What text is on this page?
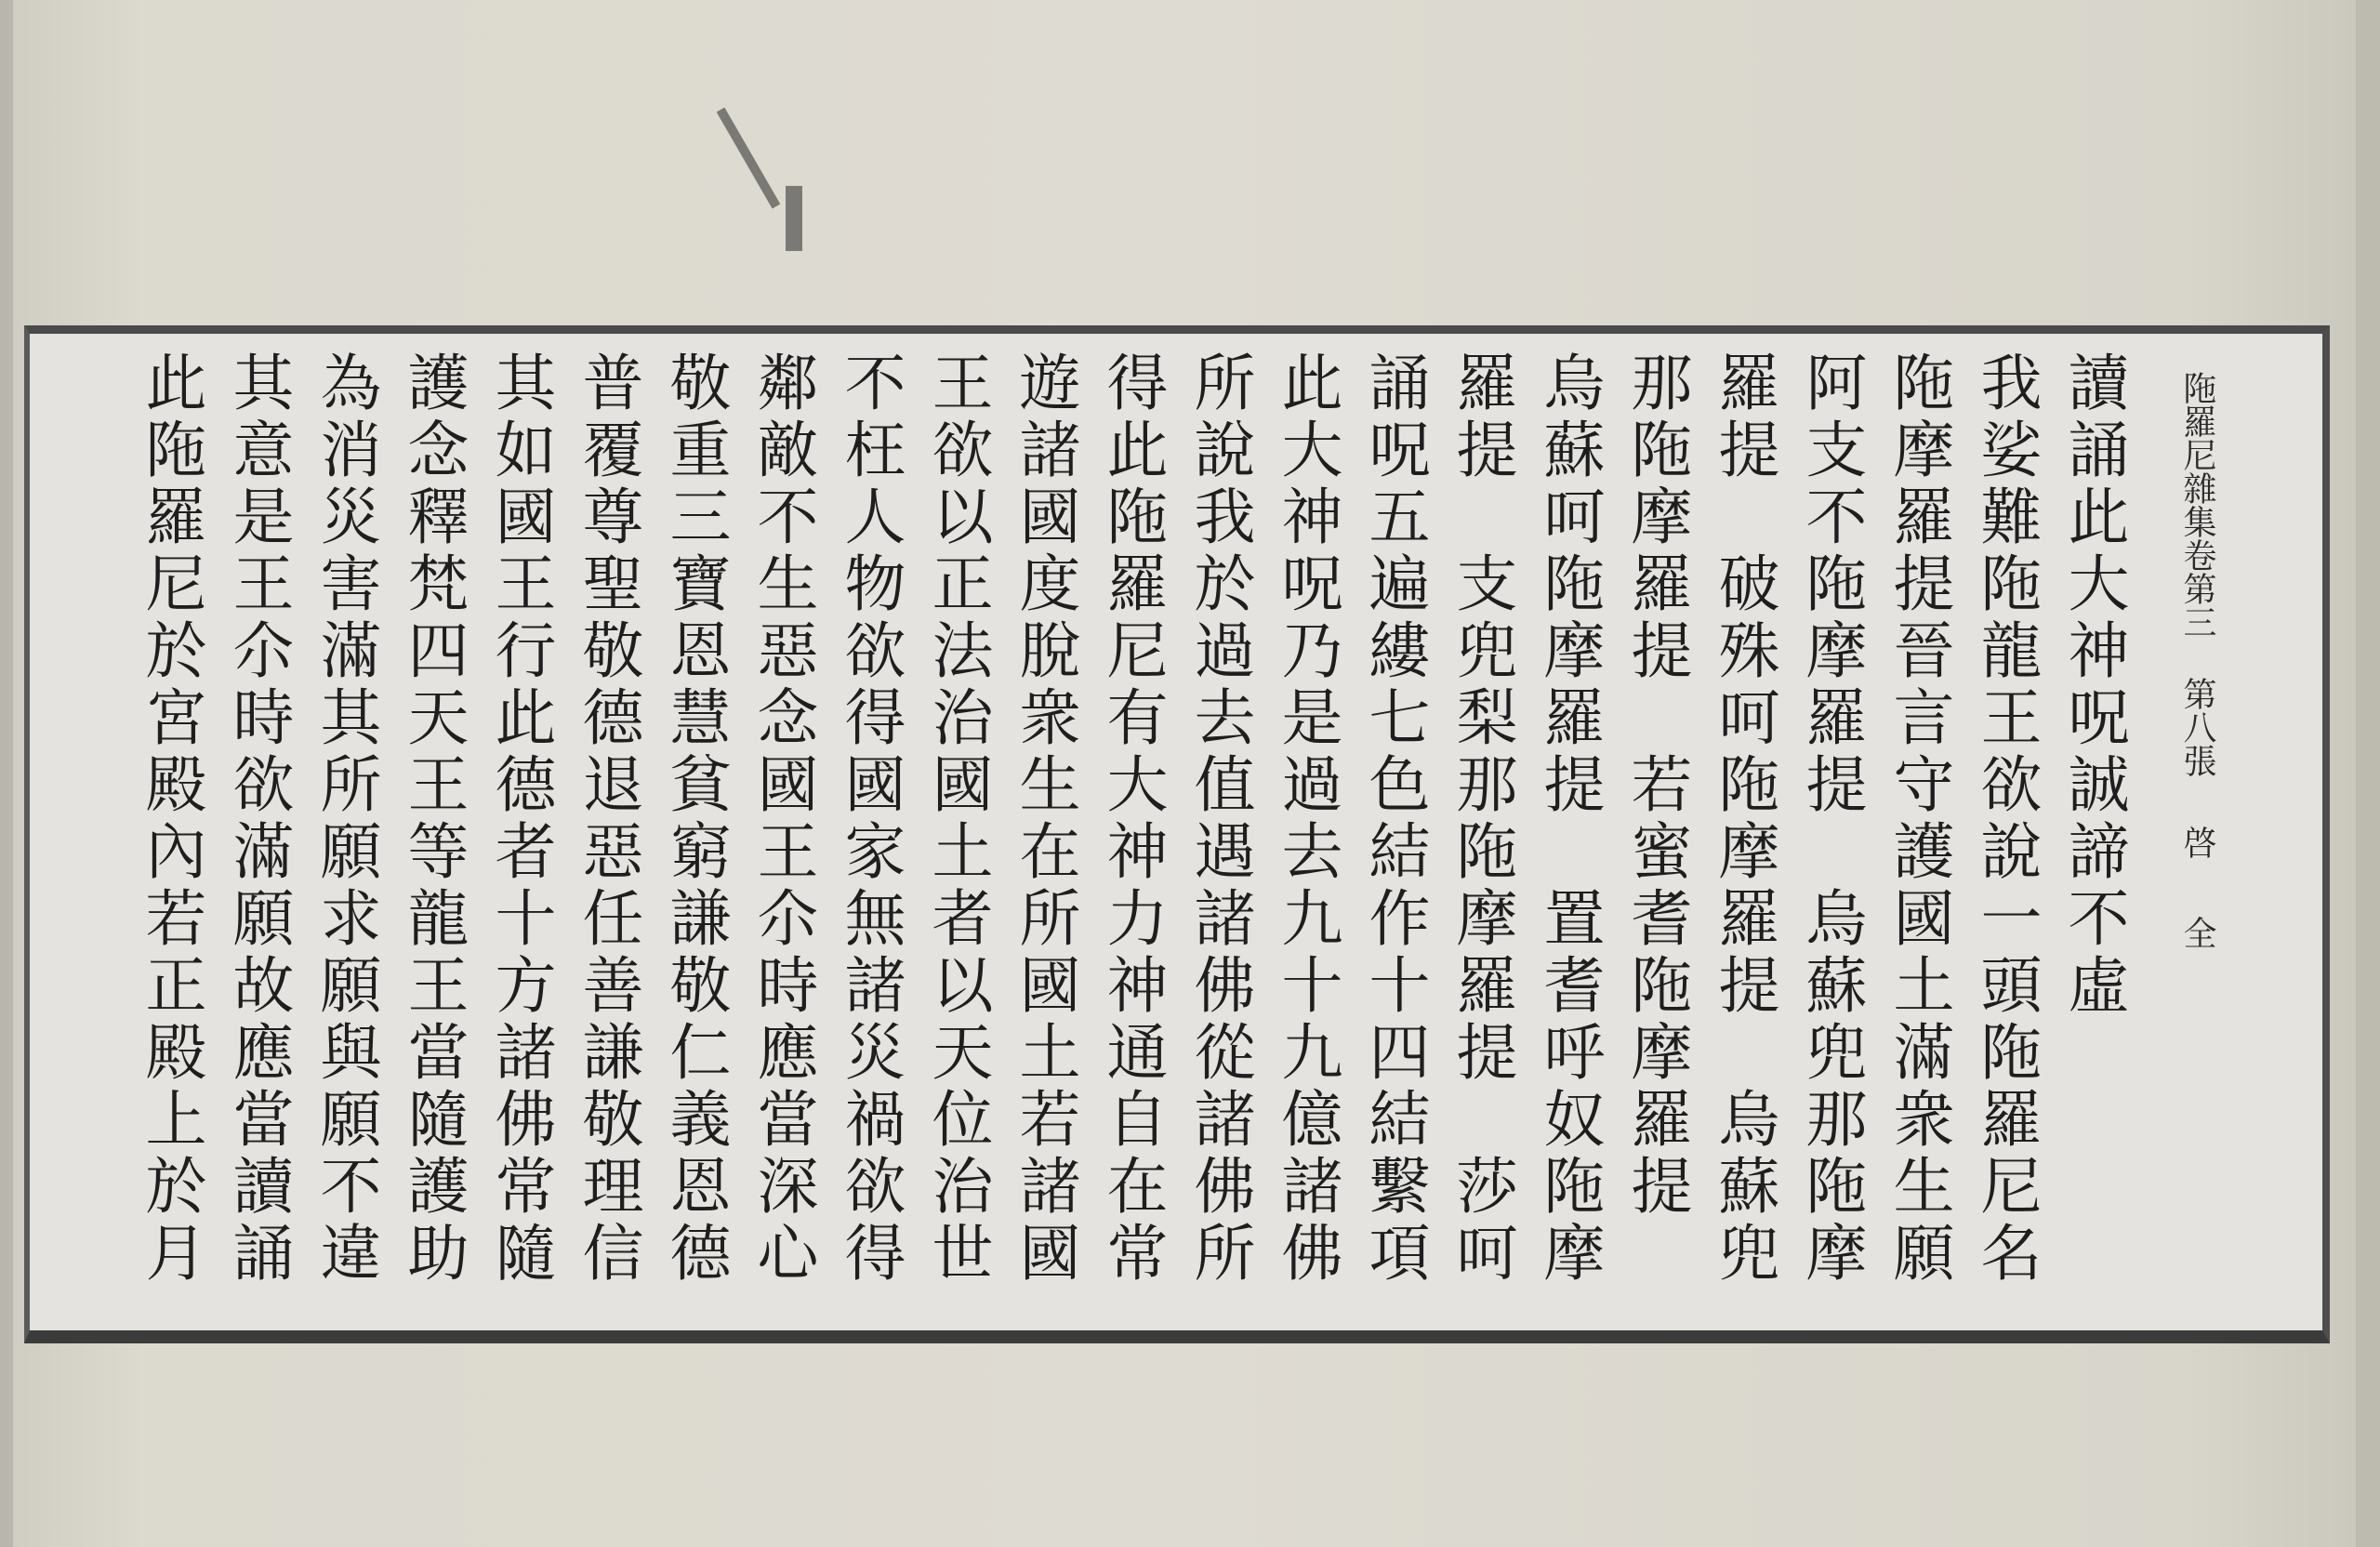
陁羅尼雜集卷第三 第八張 啓 全
讀誦此大神呪誠諦不虛
我娑難陁龍王欲說一頭陁羅尼名
陁摩羅提晉言守護國土滿衆生願
阿支不陁摩羅提　烏蘇兜那陁摩
羅提　破殊呵陁摩羅提　烏蘇兜
那陁摩羅提　若蜜耆陁摩羅提
烏蘇呵陁摩羅提　置耆呼奴陁摩
羅提　支兜梨那陁摩羅提　莎呵
誦呪五遍縷七色結作十四結繫項
此大神呪乃是過去九十九億諸佛
所說我於過去值遇諸佛從諸佛所
得此陁羅尼有大神力神通自在常
遊諸國度脫衆生在所國土若諸國
王欲以正法治國土者以天位治世
不枉人物欲得國家無諸災禍欲得
鄰敵不生惡念國王尒時應當深心
敬重三寶恩慧貧窮謙敬仁義恩德
普覆尊聖敬德退惡任善謙敬理信
其如國王行此德者十方諸佛常隨
護念釋梵四天王等龍王當隨護助
為消災害滿其所願求願與願不違
其意是王尒時欲滿願故應當讀誦
此陁羅尼於宮殿內若正殿上於月
